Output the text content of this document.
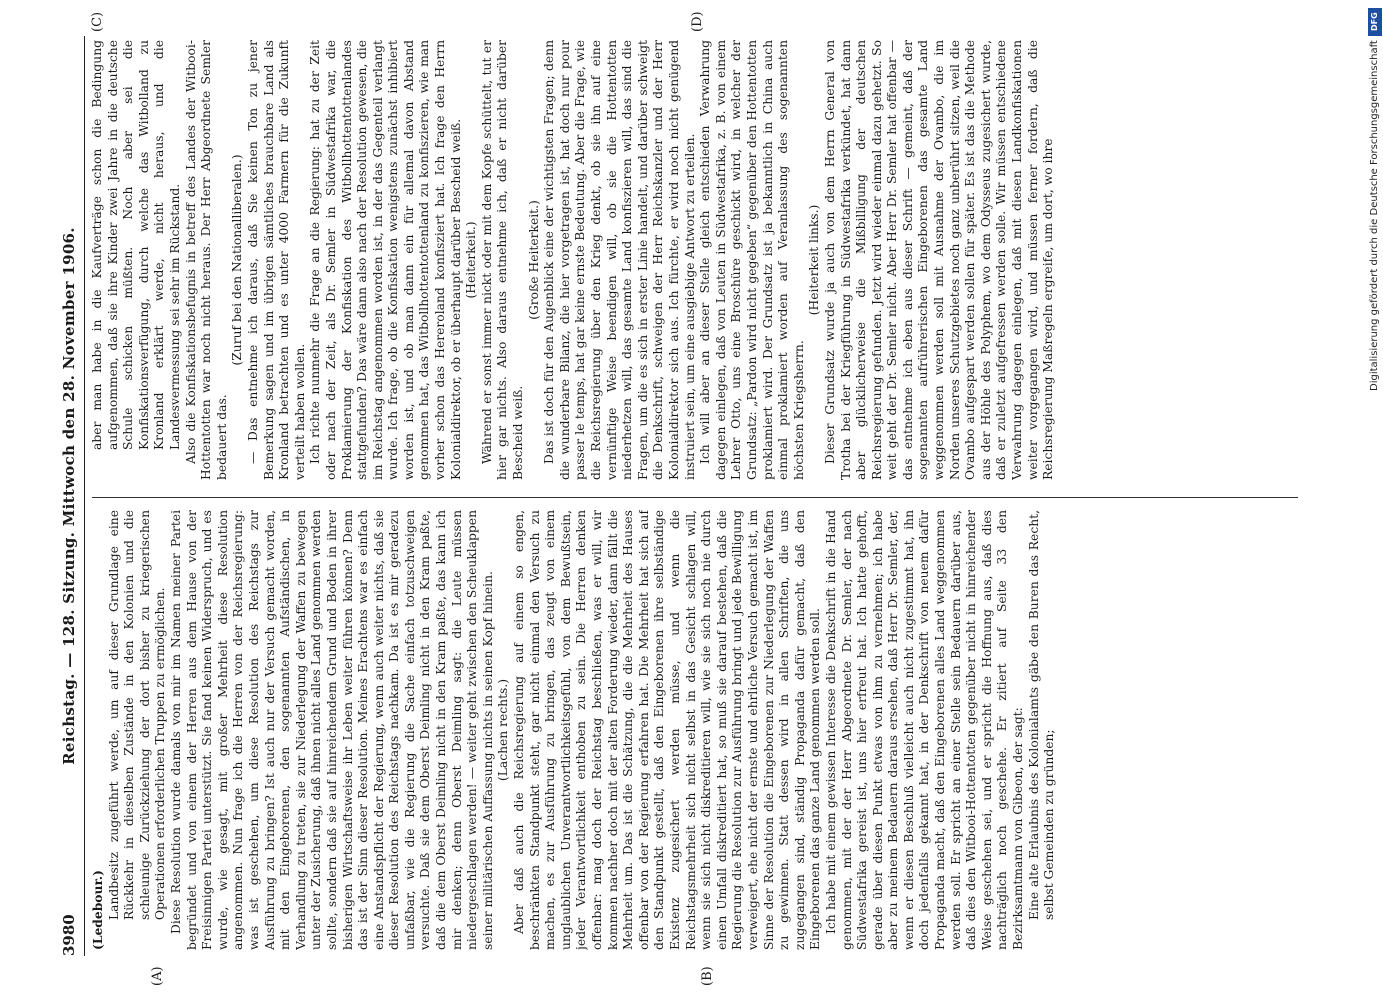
3980
Reichstag. — 128. Sitzung. Mittwoch den 28. November 1906.
(A)	(B)
(C)	(D)

(Ledebour.) Landbesitz zugeführt werde, um auf dieser Grundlage eine Rückkehr in dieselben Zustände in den Kolonien und die schleunige Zurückziehung der dort bisher zu kriegerischen Operationen erforderlichen Truppen zu ermöglichen. Diese Resolution wurde damals von mir im Namen meiner Partei begründet und von einem der Herren aus dem Hause von der Freisinnigen Partei unterstützt. Sie fand keinen Widerspruch, und es wurde, wie gesagt, mit großer Mehrheit diese Resolution angenommen. Nun frage ich die Herren von der Reichsregierung: was ist geschehen, um diese Resolution des Reichstags zur Ausführung zu bringen? Ist auch nur der Versuch gemacht worden, mit den Eingeborenen, den sogenannten Aufständischen, in Verhandlung zu treten, sie zur Niederlegung der Waffen zu bewegen unter der Zusicherung, daß ihnen nicht alles Land genommen werden sollte, sondern daß sie auf hinreichendem Grund und Boden in ihrer bisherigen Wirtschaftsweise ihr Leben weiter führen können? Denn das ist der Sinn dieser Resolution. Meines Erachtens war es einfach eine Anstandspflicht der Regierung, wenn auch weiter nichts, daß sie dieser Resolution des Reichstags nachkam. Da ist es mir geradezu unfaßbar, wie die Regierung die Sache einfach totzuschweigen versuchte. Daß sie dem Oberst Deimling nicht in den Kram paßte, daß die dem Oberst Deimling nicht in den Kram paßte, das kann ich mir denken; denn Oberst Deimling sagt: die Leute müssen niedergeschlagen werden! — weiter geht zwischen den Scheuklappen seiner militärischen Auffassung nichts in seinen Kopf hinein. (Lachen rechts.) Aber daß auch die Reichsregierung auf einem so engen, beschränkten Standpunkt steht, gar nicht einmal den Versuch zu machen, es zur Ausführung zu bringen, das zeugt von einem unglaublichen Unverantwortlichkeitsgefühl, von dem Bewußtsein, jeder Verantwortlichkeit enthoben zu sein. Die Herren denken offenbar: mag doch der Reichstag beschließen, was er will, wir kommen nachher doch mit der alten Forderung wieder, dann fällt die Mehrheit um. Das ist die Schätzung, die die Mehrheit des Hauses offenbar von der Regierung erfahren hat. Die Mehrheit hat sich auf den Standpunkt gestellt, daß den Eingeborenen ihre selbständige Existenz zugesichert werden müsse, und wenn die Reichstagsmehrheit sich nicht selbst in das Gesicht schlagen will, wenn sie sich nicht diskreditieren will, wie sie sich noch nie durch einen Umfall diskreditiert hat, so muß sie darauf bestehen, daß die Regierung die Resolution zur Ausführung bringt und jede Bewilligung verweigert, ehe nicht der ernste und ehrliche Versuch gemacht ist, im Sinne der Resolution die Eingeborenen zur Niederlegung der Waffen zu gewinnen. Statt dessen wird in allen Schriften, die uns zugegangen sind, ständig Propaganda dafür gemacht, daß den Eingeborenen das ganze Land genommen werden soll. Ich habe mit einem gewissen Interesse die Denkschrift in die Hand genommen, mit der der Herr Abgeordnete Dr. Semler, der nach Südwestafrika gereist ist, uns hier erfreut hat. Ich hatte gehofft, gerade über diesen Punkt etwas von ihm zu vernehmen; ich habe aber zu meinem Bedauern daraus ersehen, daß Herr Dr. Semler, der, wenn er diesen Beschluß vielleicht auch nicht zugestimmt hat, ihn doch jedenfalls gekannt hat, in der Denkschrift von neuem dafür Propaganda macht, daß den Eingeborenen alles Land weggenommen werden soll. Er spricht an einer Stelle sein Bedauern darüber aus, daß dies den Witbooi-Hottentotten gegenüber nicht in hinreichender Weise geschehen sei, und er spricht die Hoffnung aus, daß dies nachträglich noch geschehe. Er zitiert auf Seite 33 den Bezirksamtmann von Gibeon, der sagt: Eine alte Erlaubnis des Kolonialamts gäbe den Buren das Recht, selbst Gemeinden zu gründen;

aber man habe in die Kaufverträge schon die Bedingung aufgenommen, daß sie ihre Kinder zwei Jahre in die deutsche Schule schicken müßten. Noch aber sei die Konfiskationsverfügung, durch welche das Witbolland zu Kronland erklärt werde, nicht heraus, und die Landesvermessung sei sehr im Rückstand. Also die Konfiskationsbefugnis in betreff des Landes der Witbooi-Hottentotten war noch nicht heraus. Der Herr Abgeordnete Semler bedauert das.

(Zuruf bei den Nationalliberalen.) — Das entnehme ich daraus, daß Sie keinen Ton zu jener Bemerkung sagen und im übrigen sämtliches brauchbare Land als Kronland betrachten und es unter 4000 Farmern für die Zukunft verteilt haben wollen. Ich richte nunmehr die Frage an die Regierung: hat zu der Zeit oder nach der Zeit, als Dr. Semler in Südwestafrika war, die Proklamierung der Konfiskation des Witbollhottentottenlandes stattgefunden? Das wäre dann also nach der Resolution gewesen, die im Reichstag angenommen worden ist, in der das Gegenteil verlangt wurde. Ich frage, ob die Konfiskation wenigstens zunächst inhibiert worden ist, und ob man dann ein für allemal davon Abstand genommen hat, das Witbollhottentottenland zu konfiszieren, wie man vorher schon das Hereroland konfisziert hat. Ich frage den Herrn Kolonialdirektor, ob er überhaupt darüber Bescheid weiß. (Heiterkeit.) Während er sonst immer nickt oder mit dem Kopfe schüttelt, tut er hier gar nichts. Also daraus entnehme ich, daß er nicht darüber Bescheid weiß.

(Große Heiterkeit.) Das ist doch für den Augenblick eine der wichtigsten Fragen; denn die wunderbare Bilanz, die hier vorgetragen ist, hat doch nur pour passer le temps, hat gar keine ernste Bedeutung. Aber die Frage, wie die Reichsregierung über den Krieg denkt, ob sie ihn auf eine vernünftige Weise beendigen will, ob sie die Hottentotten niederhetzen will, das gesamte Land konfiszieren will, das sind die Fragen, um die es sich in erster Linie handelt, und darüber schweigt die Denkschrift, schweigen der Herr Reichskanzler und der Herr Kolonialdirektor sich aus. Ich fürchte, er wird noch nicht genügend instruiert sein, um eine ausgiebige Antwort zu erteilen. Ich will aber an dieser Stelle gleich entschieden Verwahrung dagegen einlegen, daß von Leuten in Südwestafrika, z. B. von einem Lehrer Otto, uns eine Broschüre geschickt wird, in welcher der Grundsatz: „Pardon wird nicht gegeben“ gegenüber den Hottentotten proklamiert wird. Der Grundsatz ist ja bekanntlich in China auch einmal proklamiert worden auf Veranlassung des sogenannten höchsten Kriegsherrn.

(Heiterkeit links.) Dieser Grundsatz wurde ja auch von dem Herrn General von Trotha bei der Kriegführung in Südwestafrika verkündet, hat dann aber glücklicherweise die Mißbilligung der deutschen Reichsregierung gefunden. Jetzt wird wieder einmal dazu gehetzt. So weit geht der Dr. Semler nicht. Aber Herr Dr. Semler hat offenbar — das entnehme ich eben aus dieser Schrift — gemeint, daß der sogenannten aufrührerischen Eingeborenen das gesamte Land weggenommen werden soll mit Ausnahme der Ovambo, die im Norden unseres Schutzgebietes noch ganz unberührt sitzen, weil die Ovambo aufgespart werden sollen für später. Es ist das die Methode aus der Höhle des Polyphem, wo dem Odysseus zugesichert wurde, daß er zuletzt aufgefressen werden solle. Wir müssen entschiedene Verwahrung dagegen einlegen, daß mit diesen Landkonfiskationen weiter vorgegangen wird, und müssen ferner fordern, daß die Reichsregierung Maßregeln ergreife, um dort, wo ihre

DFG
Digitalisierung gefördert durch die Deutsche Forschungsgemeinschaft
